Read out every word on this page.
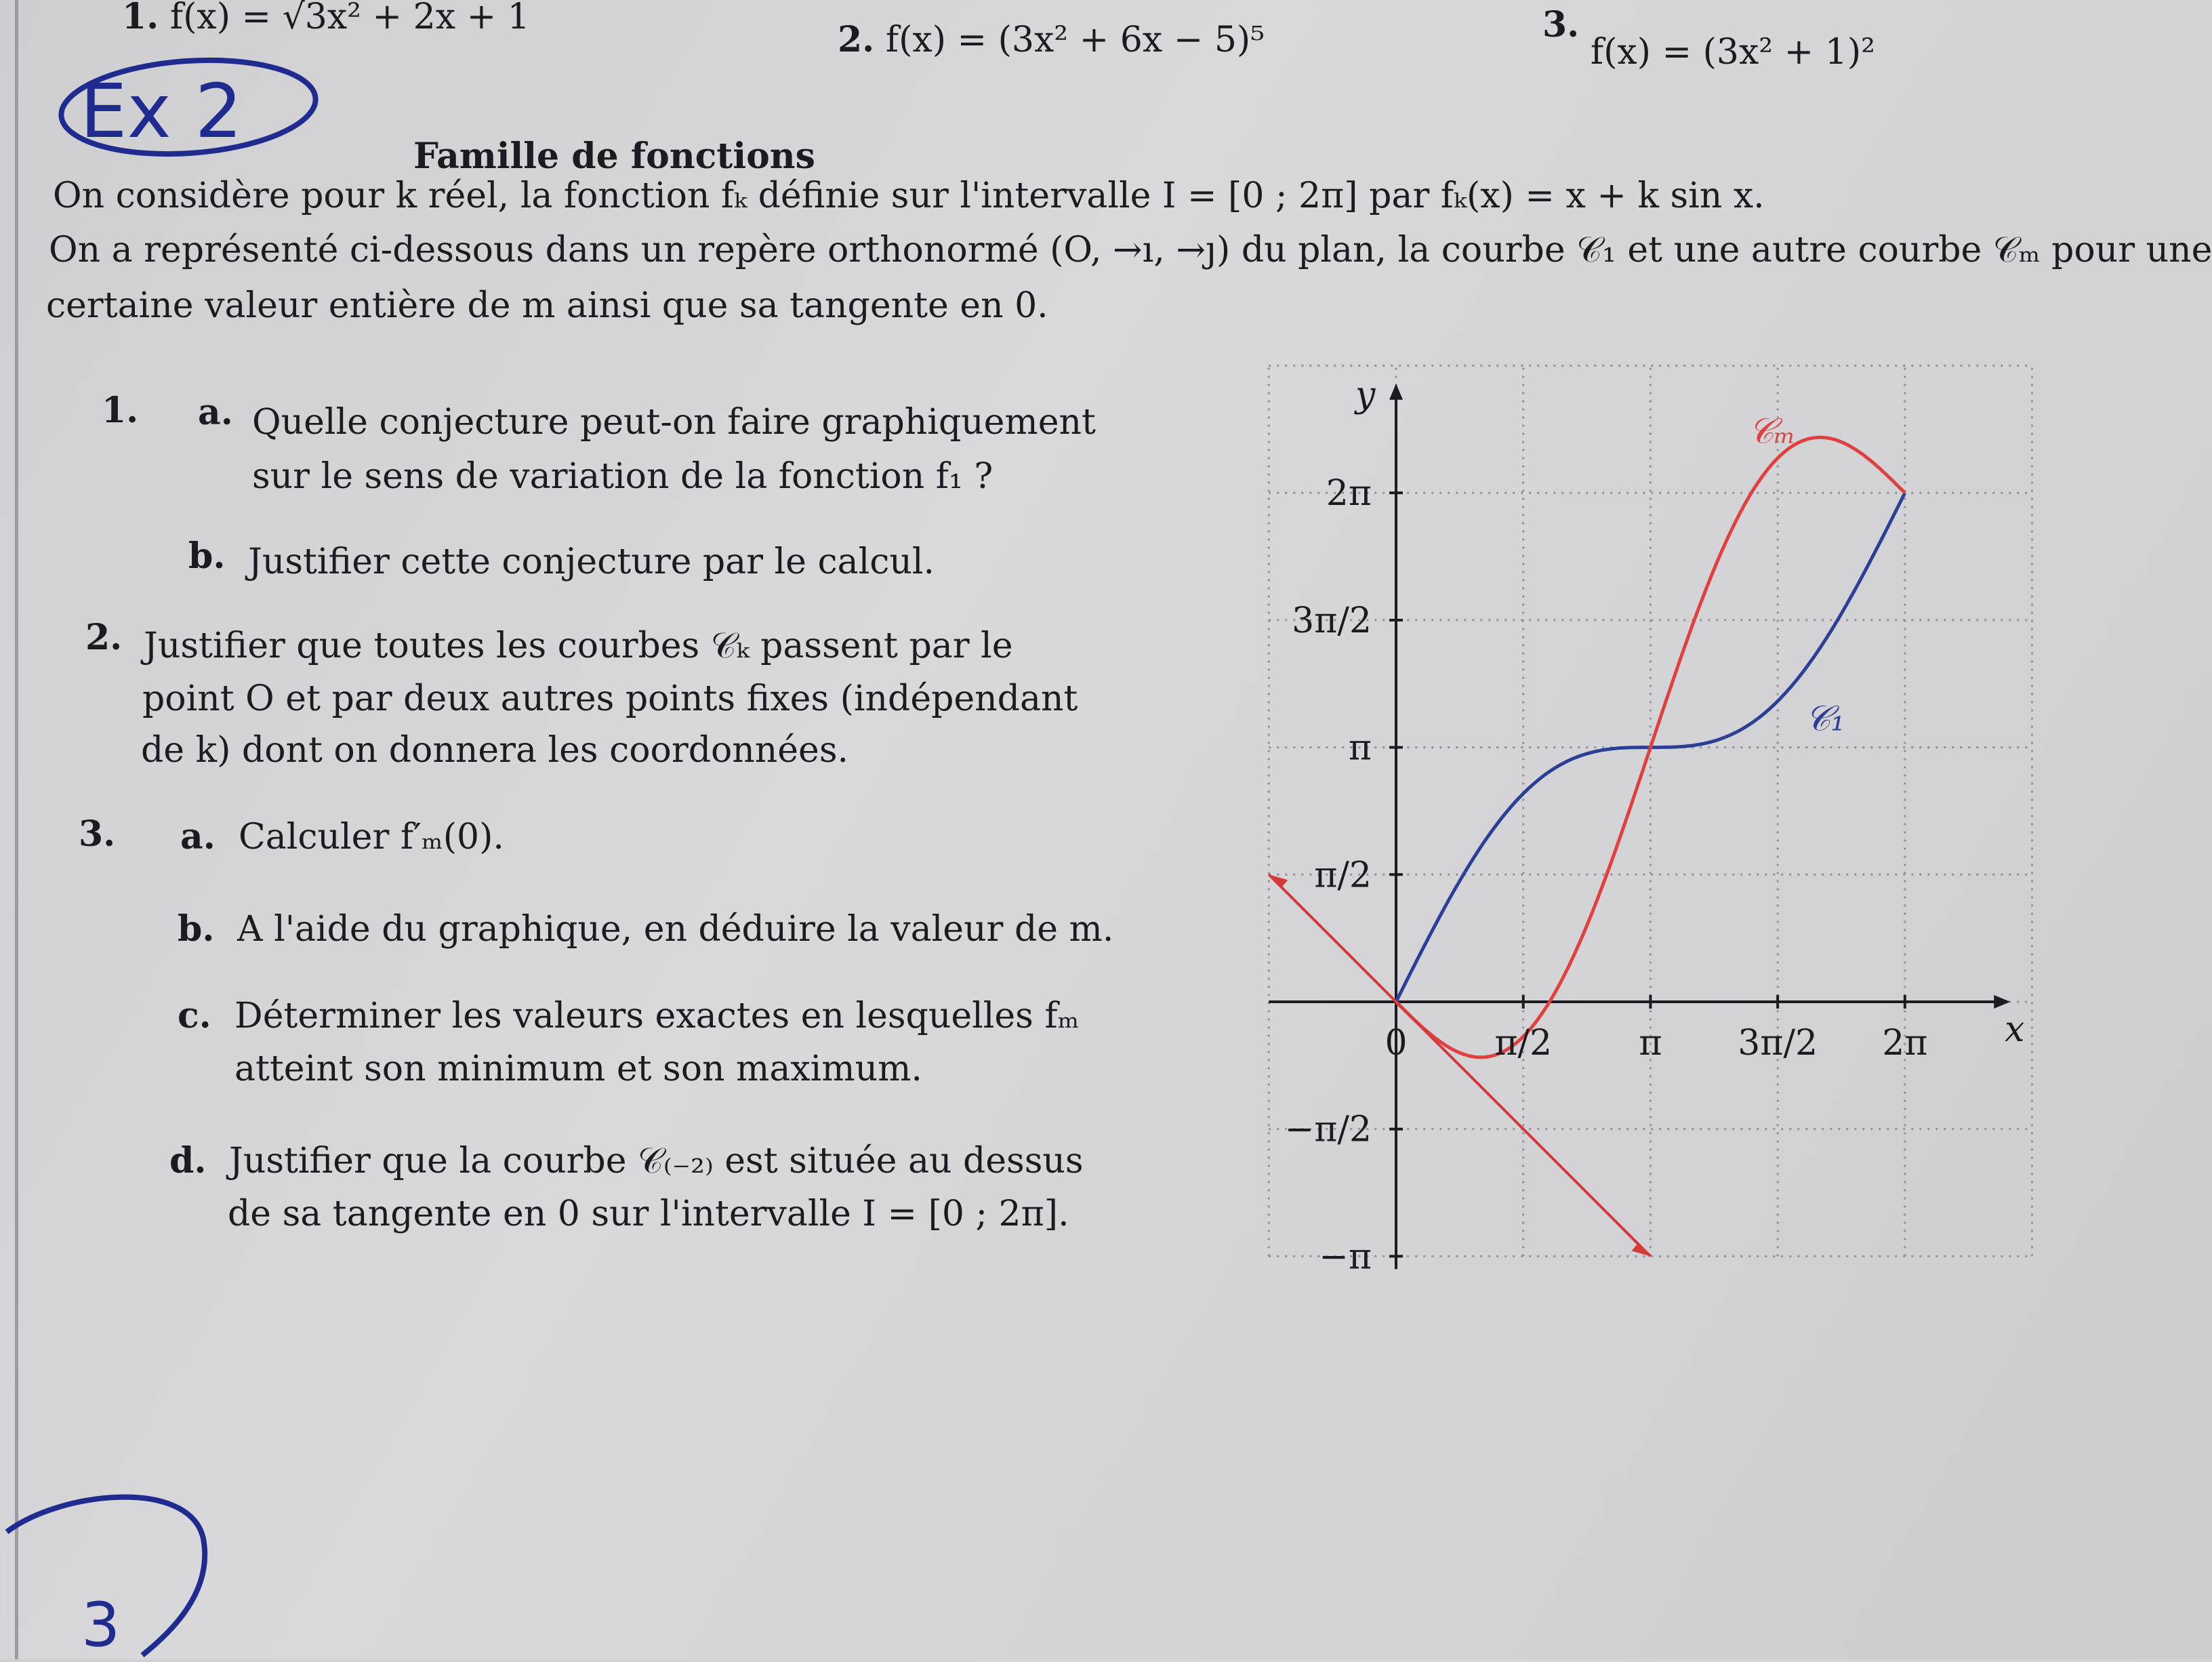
1. f(x) = √3x² + 2x + 1
2. f(x) = (3x² + 6x − 5)⁵	3. f(x) = (3x² + 1)²
Ex 2
Famille de fonctions
On considère pour k réel, la fonction fₖ définie sur l'intervalle I = [0 ; 2π] par fₖ(x) = x + k sin x.
On a représenté ci-dessous dans un repère orthonormé (O, →ı, →ȷ) du plan, la courbe 𝒞₁ et une autre courbe 𝒞ₘ pour une
certaine valeur entière de m ainsi que sa tangente en 0.
1. a. Quelle conjecture peut-on faire graphiquement
sur le sens de variation de la fonction f₁ ?
b. Justifier cette conjecture par le calcul.
2. Justifier que toutes les courbes 𝒞ₖ passent par le
point O et par deux autres points fixes (indépendant
de k) dont on donnera les coordonnées.
3. a. Calculer f′ₘ(0).
b. A l'aide du graphique, en déduire la valeur de m.
c. Déterminer les valeurs exactes en lesquelles fₘ
atteint son minimum et son maximum.
d. Justifier que la courbe 𝒞₍₋₂₎ est située au dessus
de sa tangente en 0 sur l'intervalle I = [0 ; 2π].
0 π/2 π 3π/2 2π
2π
3π/2
π
π/2
−π/2
−π
x
y
𝒞₁
𝒞ₘ
3
